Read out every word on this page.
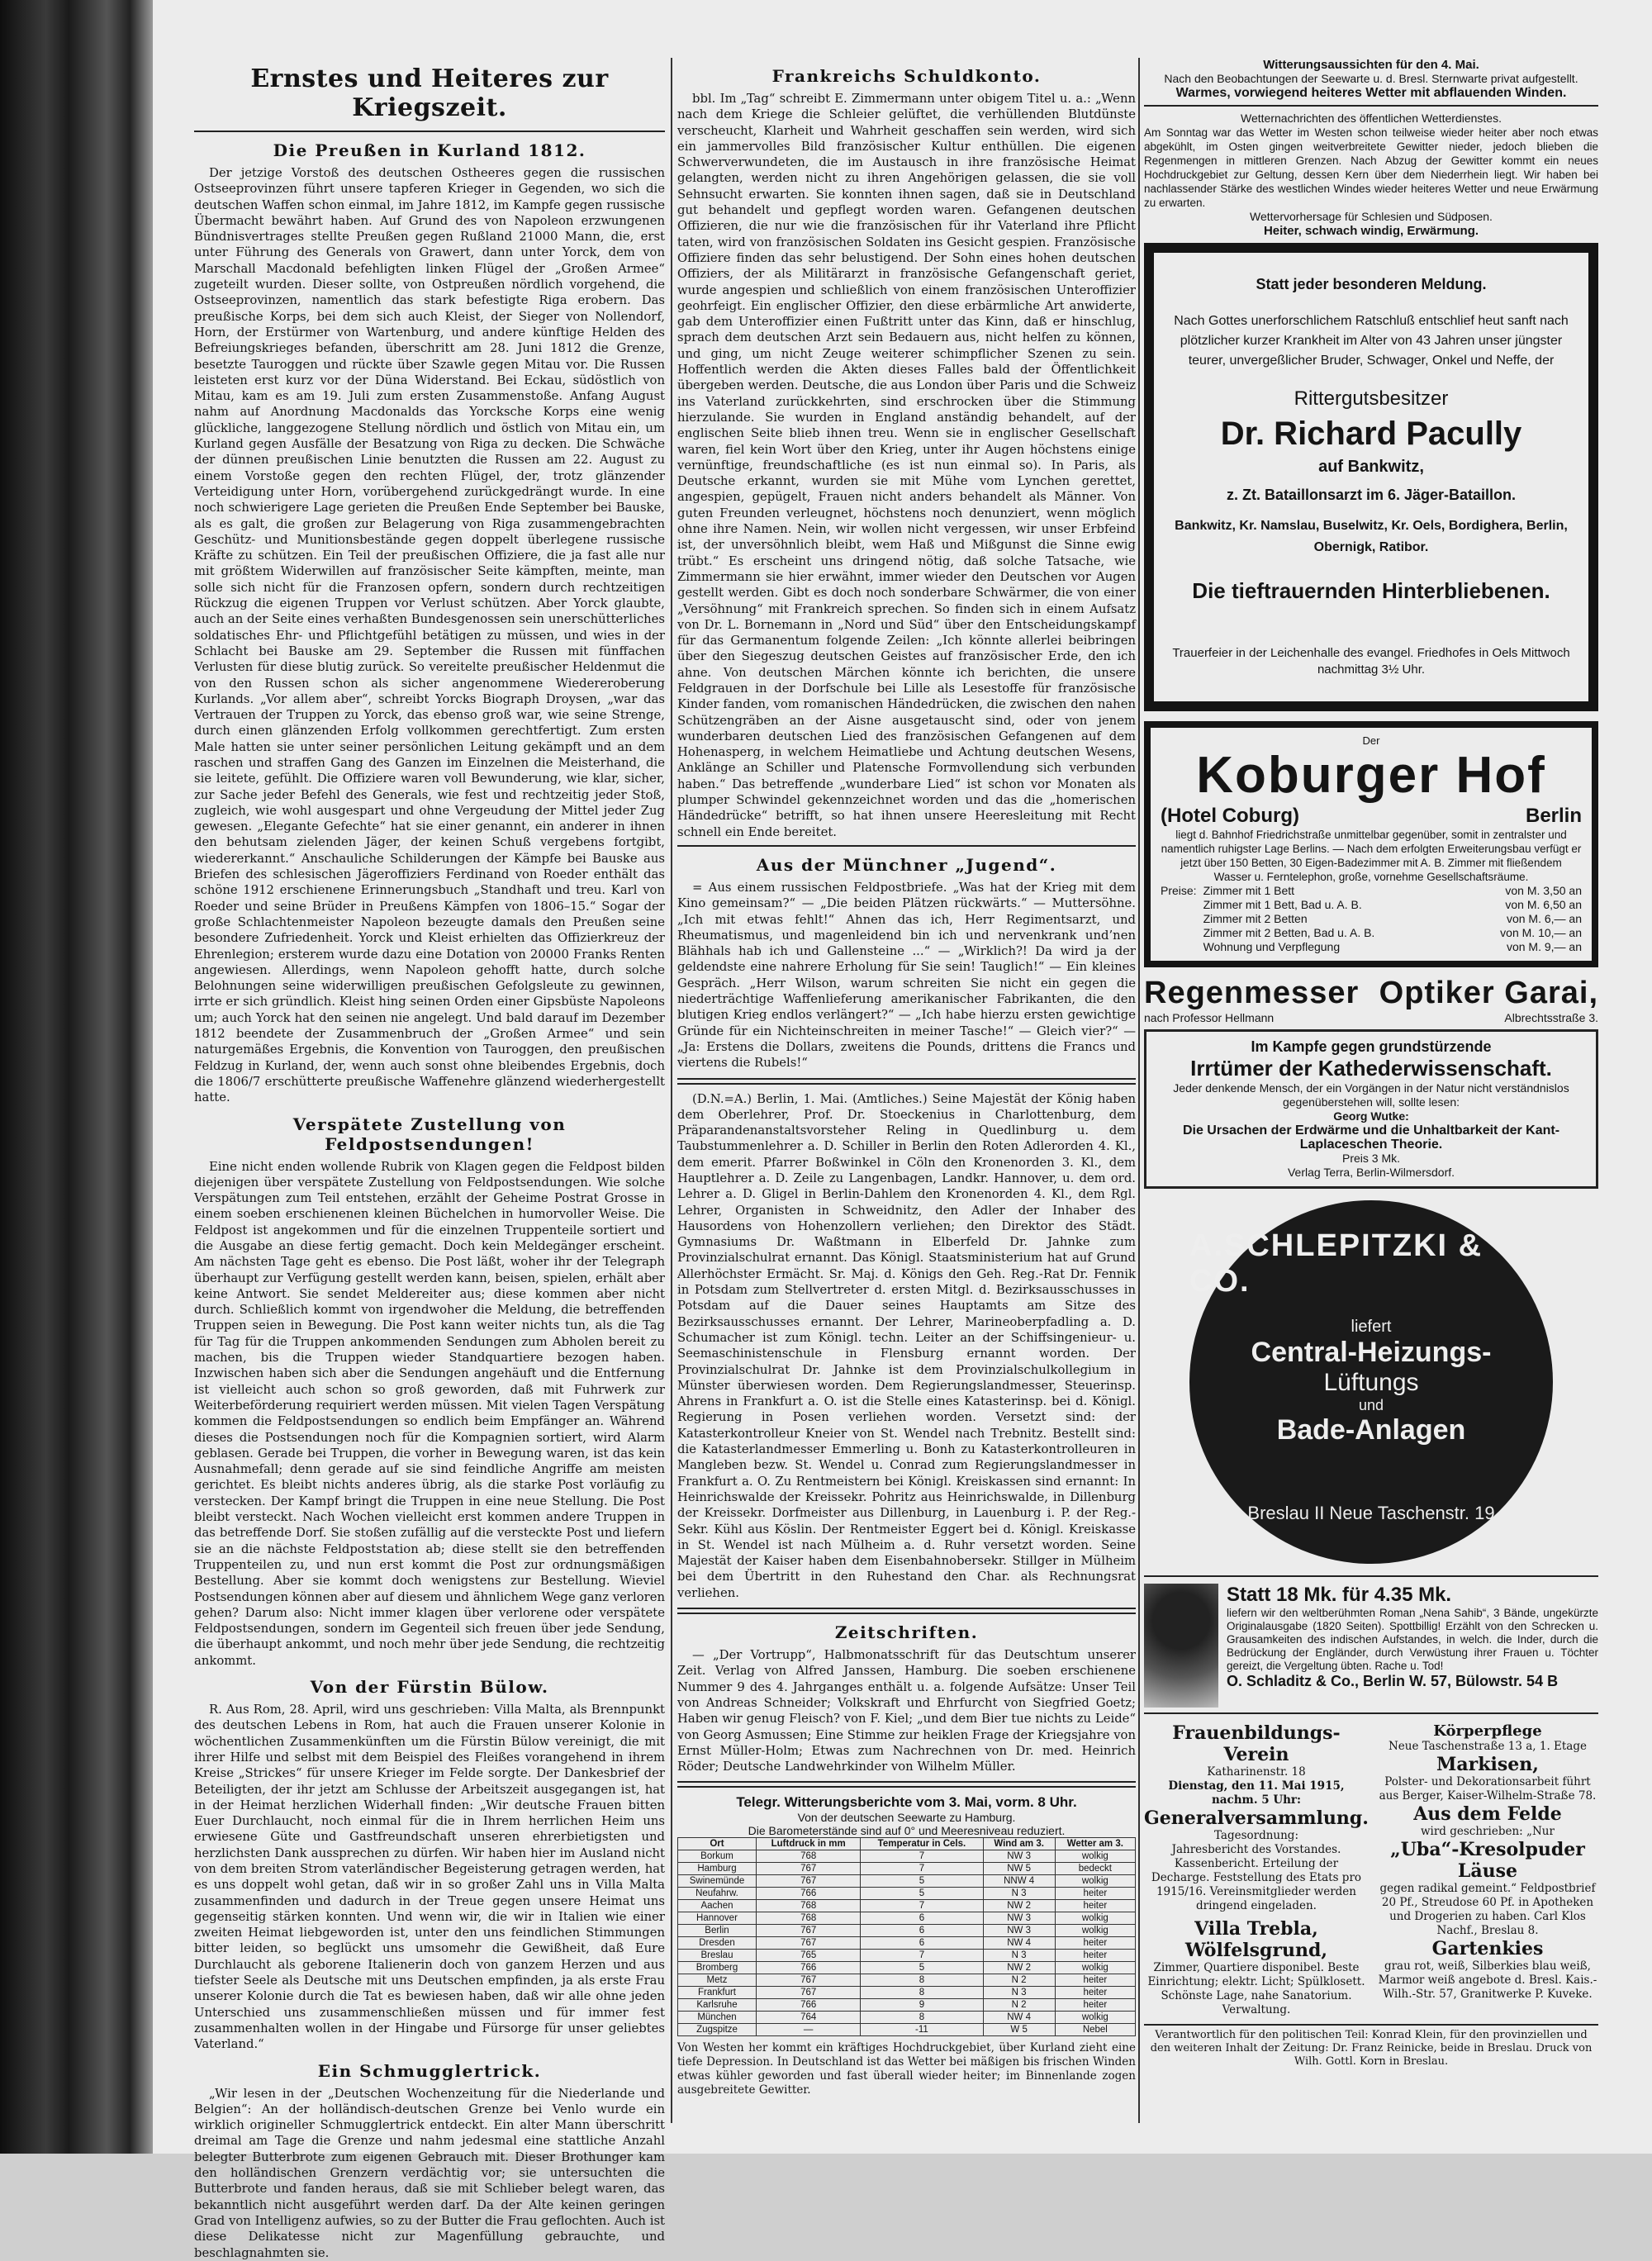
Ernstes und Heiteres zur Kriegszeit.
Die Preußen in Kurland 1812.

Der jetzige Vorstoß des deutschen Ostheeres gegen die russischen Ostseeprovinzen führt unsere tapferen Krieger in Gegenden, wo sich die deutschen Waffen schon einmal, im Jahre 1812, im Kampfe gegen russische Übermacht bewährt haben. Auf Grund des von Napoleon erzwungenen Bündnisvertrages stellte Preußen gegen Rußland 21000 Mann, die, erst unter Führung des Generals von Grawert, dann unter Yorck, dem von Marschall Macdonald befehligten linken Flügel der „Großen Armee“ zugeteilt wurden. Dieser sollte, von Ostpreußen nördlich vorgehend, die Ostseeprovinzen, namentlich das stark befestigte Riga erobern. Das preußische Korps, bei dem sich auch Kleist, der Sieger von Nollendorf, Horn, der Erstürmer von Wartenburg, und andere künftige Helden des Befreiungskrieges befanden, überschritt am 28. Juni 1812 die Grenze, besetzte Tauroggen und rückte über Szawle gegen Mitau vor. Die Russen leisteten erst kurz vor der Düna Widerstand. Bei Eckau, südöstlich von Mitau, kam es am 19. Juli zum ersten Zusammenstoße. Anfang August nahm auf Anordnung Macdonalds das Yorcksche Korps eine wenig glückliche, langgezogene Stellung nördlich und östlich von Mitau ein, um Kurland gegen Ausfälle der Besatzung von Riga zu decken. Die Schwäche der dünnen preußischen Linie benutzten die Russen am 22. August zu einem Vorstoße gegen den rechten Flügel, der, trotz glänzender Verteidigung unter Horn, vorübergehend zurückgedrängt wurde. In eine noch schwierigere Lage gerieten die Preußen Ende September bei Bauske, als es galt, die großen zur Belagerung von Riga zusammengebrachten Geschütz- und Munitionsbestände gegen doppelt überlegene russische Kräfte zu schützen. Ein Teil der preußischen Offiziere, die ja fast alle nur mit größtem Widerwillen auf französischer Seite kämpften, meinte, man solle sich nicht für die Franzosen opfern, sondern durch rechtzeitigen Rückzug die eigenen Truppen vor Verlust schützen. Aber Yorck glaubte, auch an der Seite eines verhaßten Bundesgenossen sein unerschütterliches soldatisches Ehr- und Pflichtgefühl betätigen zu müssen, und wies in der Schlacht bei Bauske am 29. September die Russen mit fünffachen Verlusten für diese blutig zurück. So vereitelte preußischer Heldenmut die von den Russen schon als sicher angenommene Wiedereroberung Kurlands. „Vor allem aber“, schreibt Yorcks Biograph Droysen, „war das Vertrauen der Truppen zu Yorck, das ebenso groß war, wie seine Strenge, durch einen glänzenden Erfolg vollkommen gerechtfertigt. Zum ersten Male hatten sie unter seiner persönlichen Leitung gekämpft und an dem raschen und straffen Gang des Ganzen im Einzelnen die Meisterhand, die sie leitete, gefühlt. Die Offiziere waren voll Bewunderung, wie klar, sicher, zur Sache jeder Befehl des Generals, wie fest und rechtzeitig jeder Stoß, zugleich, wie wohl ausgespart und ohne Vergeudung der Mittel jeder Zug gewesen. „Elegante Gefechte“ hat sie einer genannt, ein anderer in ihnen den behutsam zielenden Jäger, der keinen Schuß vergebens fortgibt, wiedererkannt.“ Anschauliche Schilderungen der Kämpfe bei Bauske aus Briefen des schlesischen Jägeroffiziers Ferdinand von Roeder enthält das schöne 1912 erschienene Erinnerungsbuch „Standhaft und treu. Karl von Roeder und seine Brüder in Preußens Kämpfen von 1806–15.“ Sogar der große Schlachtenmeister Napoleon bezeugte damals den Preußen seine besondere Zufriedenheit. Yorck und Kleist erhielten das Offizierkreuz der Ehrenlegion; ersterem wurde dazu eine Dotation von 20000 Franks Renten angewiesen. Allerdings, wenn Napoleon gehofft hatte, durch solche Belohnungen seine widerwilligen preußischen Gefolgsleute zu gewinnen, irrte er sich gründlich. Kleist hing seinen Orden einer Gipsbüste Napoleons um; auch Yorck hat den seinen nie angelegt. Und bald darauf im Dezember 1812 beendete der Zusammenbruch der „Großen Armee“ und sein naturgemäßes Ergebnis, die Konvention von Tauroggen, den preußischen Feldzug in Kurland, der, wenn auch sonst ohne bleibendes Ergebnis, doch die 1806/7 erschütterte preußische Waffenehre glänzend wiederhergestellt hatte.

Verspätete Zustellung von Feldpostsendungen!

Eine nicht enden wollende Rubrik von Klagen gegen die Feldpost bilden diejenigen über verspätete Zustellung von Feldpostsendungen. Wie solche Verspätungen zum Teil entstehen, erzählt der Geheime Postrat Grosse in einem soeben erschienenen kleinen Büchelchen in humorvoller Weise. Die Feldpost ist angekommen und für die einzelnen Truppenteile sortiert und die Ausgabe an diese fertig gemacht. Doch kein Meldegänger erscheint. Am nächsten Tage geht es ebenso. Die Post läßt, woher ihr der Telegraph überhaupt zur Verfügung gestellt werden kann, beisen, spielen, erhält aber keine Antwort. Sie sendet Meldereiter aus; diese kommen aber nicht durch. Schließlich kommt von irgendwoher die Meldung, die betreffenden Truppen seien in Bewegung. Die Post kann weiter nichts tun, als die Tag für Tag für die Truppen ankommenden Sendungen zum Abholen bereit zu machen, bis die Truppen wieder Standquartiere bezogen haben. Inzwischen haben sich aber die Sendungen angehäuft und die Entfernung ist vielleicht auch schon so groß geworden, daß mit Fuhrwerk zur Weiterbeförderung requiriert werden müssen. Mit vielen Tagen Verspätung kommen die Feldpostsendungen so endlich beim Empfänger an. Während dieses die Postsendungen noch für die Kompagnien sortiert, wird Alarm geblasen. Gerade bei Truppen, die vorher in Bewegung waren, ist das kein Ausnahmefall; denn gerade auf sie sind feindliche Angriffe am meisten gerichtet. Es bleibt nichts anderes übrig, als die starke Post vorläufig zu verstecken. Der Kampf bringt die Truppen in eine neue Stellung. Die Post bleibt versteckt. Nach Wochen vielleicht erst kommen andere Truppen in das betreffende Dorf. Sie stoßen zufällig auf die versteckte Post und liefern sie an die nächste Feldpoststation ab; diese stellt sie den betreffenden Truppenteilen zu, und nun erst kommt die Post zur ordnungsmäßigen Bestellung. Aber sie kommt doch wenigstens zur Bestellung. Wieviel Postsendungen können aber auf diesem und ähnlichem Wege ganz verloren gehen? Darum also: Nicht immer klagen über verlorene oder verspätete Feldpostsendungen, sondern im Gegenteil sich freuen über jede Sendung, die überhaupt ankommt, und noch mehr über jede Sendung, die rechtzeitig ankommt.

Von der Fürstin Bülow.

R. Aus Rom, 28. April, wird uns geschrieben: Villa Malta, als Brennpunkt des deutschen Lebens in Rom, hat auch die Frauen unserer Kolonie in wöchentlichen Zusammenkünften um die Fürstin Bülow vereinigt, die mit ihrer Hilfe und selbst mit dem Beispiel des Fleißes vorangehend in ihrem Kreise „Strickes“ für unsere Krieger im Felde sorgte. Der Dankesbrief der Beteiligten, der ihr jetzt am Schlusse der Arbeitszeit ausgegangen ist, hat in der Heimat herzlichen Widerhall finden: „Wir deutsche Frauen bitten Euer Durchlaucht, noch einmal für die in Ihrem herrlichen Heim uns erwiesene Güte und Gastfreundschaft unseren ehrerbietigsten und herzlichsten Dank aussprechen zu dürfen. Wir haben hier im Ausland nicht von dem breiten Strom vaterländischer Begeisterung getragen werden, hat es uns doppelt wohl getan, daß wir in so großer Zahl uns in Villa Malta zusammenfinden und dadurch in der Treue gegen unsere Heimat uns gegenseitig stärken konnten. Und wenn wir, die wir in Italien wie einer zweiten Heimat liebgeworden ist, unter den uns feindlichen Stimmungen bitter leiden, so beglückt uns umsomehr die Gewißheit, daß Eure Durchlaucht als geborene Italienerin doch von ganzem Herzen und aus tiefster Seele als Deutsche mit uns Deutschen empfinden, ja als erste Frau unserer Kolonie durch die Tat es bewiesen haben, daß wir alle ohne jeden Unterschied uns zusammenschließen müssen und für immer fest zusammenhalten wollen in der Hingabe und Fürsorge für unser geliebtes Vaterland.“

Ein Schmugglertrick.

„Wir lesen in der „Deutschen Wochenzeitung für die Niederlande und Belgien“: An der holländisch-deutschen Grenze bei Venlo wurde ein wirklich origineller Schmugglertrick entdeckt. Ein alter Mann überschritt dreimal am Tage die Grenze und nahm jedesmal eine stattliche Anzahl belegter Butterbrote zum eigenen Gebrauch mit. Dieser Brothunger kam den holländischen Grenzern verdächtig vor; sie untersuchten die Butterbrote und fanden heraus, daß sie mit Schlieber belegt waren, das bekanntlich nicht ausgeführt werden darf. Da der Alte keinen geringen Grad von Intelligenz aufwies, so zu der Butter die Frau geflochten. Auch ist diese Delikatesse nicht zur Magenfüllung gebrauchte, und beschlagnahmten sie.

Frankreichs Schuldkonto.

bbl. Im „Tag“ schreibt E. Zimmermann unter obigem Titel u. a.: „Wenn nach dem Kriege die Schleier gelüftet, die verhüllenden Blutdünste verscheucht, Klarheit und Wahrheit geschaffen sein werden, wird sich ein jammervolles Bild französischer Kultur enthüllen. Die eigenen Schwerverwundeten, die im Austausch in ihre französische Heimat gelangten, werden nicht zu ihren Angehörigen gelassen, die sie voll Sehnsucht erwarten. Sie konnten ihnen sagen, daß sie in Deutschland gut behandelt und gepflegt worden waren. Gefangenen deutschen Offizieren, die nur wie die französischen für ihr Vaterland ihre Pflicht taten, wird von französischen Soldaten ins Gesicht gespien. Französische Offiziere finden das sehr belustigend. Der Sohn eines hohen deutschen Offiziers, der als Militärarzt in französische Gefangenschaft geriet, wurde angespien und schließlich von einem französischen Unteroffizier geohrfeigt. Ein englischer Offizier, den diese erbärmliche Art anwiderte, gab dem Unteroffizier einen Fußtritt unter das Kinn, daß er hinschlug, sprach dem deutschen Arzt sein Bedauern aus, nicht helfen zu können, und ging, um nicht Zeuge weiterer schimpflicher Szenen zu sein. Hoffentlich werden die Akten dieses Falles bald der Öffentlichkeit übergeben werden. Deutsche, die aus London über Paris und die Schweiz ins Vaterland zurückkehrten, sind erschrocken über die Stimmung hierzulande. Sie wurden in England anständig behandelt, auf der englischen Seite blieb ihnen treu. Wenn sie in englischer Gesellschaft waren, fiel kein Wort über den Krieg, unter ihr Augen höchstens einige vernünftige, freundschaftliche (es ist nun einmal so). In Paris, als Deutsche erkannt, wurden sie mit Mühe vom Lynchen gerettet, angespien, gepügelt, Frauen nicht anders behandelt als Männer. Von guten Freunden verleugnet, höchstens noch denunziert, wenn möglich ohne ihre Namen. Nein, wir wollen nicht vergessen, wir unser Erbfeind ist, der unversöhnlich bleibt, wem Haß und Mißgunst die Sinne ewig trübt.“ Es erscheint uns dringend nötig, daß solche Tatsache, wie Zimmermann sie hier erwähnt, immer wieder den Deutschen vor Augen gestellt werden. Gibt es doch noch sonderbare Schwärmer, die von einer „Versöhnung“ mit Frankreich sprechen. So finden sich in einem Aufsatz von Dr. L. Bornemann in „Nord und Süd“ über den Entscheidungskampf für das Germanentum folgende Zeilen: „Ich könnte allerlei beibringen über den Siegeszug deutschen Geistes auf französischer Erde, den ich ahne. Von deutschen Märchen könnte ich berichten, die unsere Feldgrauen in der Dorfschule bei Lille als Lesestoffe für französische Kinder fanden, vom romanischen Händedrücken, die zwischen den nahen Schützengräben an der Aisne ausgetauscht sind, oder von jenem wunderbaren deutschen Lied des französischen Gefangenen auf dem Hohenasperg, in welchem Heimatliebe und Achtung deutschen Wesens, Anklänge an Schiller und Platensche Formvollendung sich verbunden haben.“ Das betreffende „wunderbare Lied“ ist schon vor Monaten als plumper Schwindel gekennzeichnet worden und das die „homerischen Händedrücke“ betrifft, so hat ihnen unsere Heeresleitung mit Recht schnell ein Ende bereitet.

Aus der Münchner „Jugend“.

= Aus einem russischen Feldpostbriefe. „Was hat der Krieg mit dem Kino gemeinsam?“ — „Die beiden Plätzen rückwärts.“ — Muttersöhne. „Ich mit etwas fehlt!“ Ahnen das ich, Herr Regimentsarzt, und Rheumatismus, und magenleidend bin ich und nervenkrank und’nen Blähhals hab ich und Gallensteine ...“ — „Wirklich?! Da wird ja der geldendste eine nahrere Erholung für Sie sein! Tauglich!“ — Ein kleines Gespräch. „Herr Wilson, warum schreiten Sie nicht ein gegen die niederträchtige Waffenlieferung amerikanischer Fabrikanten, die den blutigen Krieg endlos verlängert?“ — „Ich habe hierzu ersten gewichtige Gründe für ein Nichteinschreiten in meiner Tasche!“ — Gleich vier?“ — „Ja: Erstens die Dollars, zweitens die Pounds, drittens die Francs und viertens die Rubels!“

(D.N.=A.) Berlin, 1. Mai. (Amtliches.) Seine Majestät der König haben dem Oberlehrer, Prof. Dr. Stoeckenius in Charlottenburg, dem Präparandenanstaltsvorsteher Reling in Quedlinburg u. dem Taubstummenlehrer a. D. Schiller in Berlin den Roten Adlerorden 4. Kl., dem emerit. Pfarrer Boßwinkel in Cöln den Kronenorden 3. Kl., dem Hauptlehrer a. D. Zeile zu Langenbagen, Landkr. Hannover, u. dem ord. Lehrer a. D. Gligel in Berlin-Dahlem den Kronenorden 4. Kl., dem Rgl. Lehrer, Organisten in Schweidnitz, den Adler der Inhaber des Hausordens von Hohenzollern verliehen; den Direktor des Städt. Gymnasiums Dr. Waßtmann in Elberfeld Dr. Jahnke zum Provinzialschulrat ernannt. Das Königl. Staatsministerium hat auf Grund Allerhöchster Ermächt. Sr. Maj. d. Königs den Geh. Reg.-Rat Dr. Fennik in Potsdam zum Stellvertreter d. ersten Mitgl. d. Bezirksausschusses in Potsdam auf die Dauer seines Hauptamts am Sitze des Bezirksausschusses ernannt. Der Lehrer, Marineoberpfadling a. D. Schumacher ist zum Königl. techn. Leiter an der Schiffsingenieur- u. Seemaschinistenschule in Flensburg ernannt worden. Der Provinzialschulrat Dr. Jahnke ist dem Provinzialschulkollegium in Münster überwiesen worden. Dem Regierungslandmesser, Steuerinsp. Ahrens in Frankfurt a. O. ist die Stelle eines Katasterinsp. bei d. Königl. Regierung in Posen verliehen worden. Versetzt sind: der Katasterkontrolleur Kneier von St. Wendel nach Trebnitz. Bestellt sind: die Katasterlandmesser Emmerling u. Bonh zu Katasterkontrolleuren in Mangleben bezw. St. Wendel u. Conrad zum Regierungslandmesser in Frankfurt a. O. Zu Rentmeistern bei Königl. Kreiskassen sind ernannt: In Heinrichswalde der Kreissekr. Pohritz aus Heinrichswalde, in Dillenburg der Kreissekr. Dorfmeister aus Dillenburg, in Lauenburg i. P. der Reg.-Sekr. Kühl aus Köslin. Der Rentmeister Eggert bei d. Königl. Kreiskasse in St. Wendel ist nach Mülheim a. d. Ruhr versetzt worden. Seine Majestät der Kaiser haben dem Eisenbahnobersekr. Stillger in Mülheim bei dem Übertritt in den Ruhestand den Char. als Rechnungsrat verliehen.

Zeitschriften.

— „Der Vortrupp“, Halbmonatsschrift für das Deutschtum unserer Zeit. Verlag von Alfred Janssen, Hamburg. Die soeben erschienene Nummer 9 des 4. Jahrganges enthält u. a. folgende Aufsätze: Unser Teil von Andreas Schneider; Volkskraft und Ehrfurcht von Siegfried Goetz; Haben wir genug Fleisch? von F. Kiel; „und dem Bier tue nichts zu Leide“ von Georg Asmussen; Eine Stimme zur heiklen Frage der Kriegsjahre von Ernst Müller-Holm; Etwas zum Nachrechnen von Dr. med. Heinrich Röder; Deutsche Landwehrkinder von Wilhelm Müller.

Telegr. Witterungsberichte vom 3. Mai, vorm. 8 Uhr.
Von der deutschen Seewarte zu Hamburg.
Die Barometerstände sind auf 0° und Meeresniveau reduziert.
Ort	Luftdruck in mm	Temperatur in Cels.	Wind am 3.	Wetter am 3.
Borkum	768	7	NW 3	wolkig
Hamburg	767	7	NW 5	bedeckt
Swinemünde	767	5	NNW 4	wolkig
Neufahrw.	766	5	N 3	heiter
Aachen	768	7	NW 2	heiter
Hannover	768	6	NW 3	wolkig
Berlin	767	6	NW 3	wolkig
Dresden	767	6	NW 4	heiter
Breslau	765	7	N 3	heiter
Bromberg	766	5	NW 2	wolkig
Metz	767	8	N 2	heiter
Frankfurt	767	8	N 3	heiter
Karlsruhe	766	9	N 2	heiter
München	764	8	NW 4	wolkig
Zugspitze	—	-11	W 5	Nebel

Von Westen her kommt ein kräftiges Hochdruckgebiet, über Kurland zieht eine tiefe Depression. In Deutschland ist das Wetter bei mäßigen bis frischen Winden etwas kühler geworden und fast überall wieder heiter; im Binnenlande zogen ausgebreitete Gewitter.

Witterungsaussichten für den 4. Mai.
Nach den Beobachtungen der Seewarte u. d. Bresl. Sternwarte privat aufgestellt.
Warmes, vorwiegend heiteres Wetter mit abflauenden Winden.
Wetternachrichten des öffentlichen Wetterdienstes.
Am Sonntag war das Wetter im Westen schon teilweise wieder heiter aber noch etwas abgekühlt, im Osten gingen weitverbreitete Gewitter nieder, jedoch blieben die Regenmengen in mittleren Grenzen. Nach Abzug der Gewitter kommt ein neues Hochdruckgebiet zur Geltung, dessen Kern über dem Niederrhein liegt. Wir haben bei nachlassender Stärke des westlichen Windes wieder heiteres Wetter und neue Erwärmung zu erwarten.
Wettervorhersage für Schlesien und Südposen.
Heiter, schwach windig, Erwärmung.
Statt jeder besonderen Meldung.
Nach Gottes unerforschlichem Ratschluß entschlief heut sanft nach plötzlicher kurzer Krankheit im Alter von 43 Jahren unser jüngster teurer, unvergeßlicher Bruder, Schwager, Onkel und Neffe, der
Rittergutsbesitzer
Dr. Richard Pacully
auf Bankwitz,
z. Zt. Bataillonsarzt im 6. Jäger-Bataillon.
Bankwitz, Kr. Namslau, Buselwitz, Kr. Oels, Bordighera, Berlin, Obernigk, Ratibor.
Die tieftrauernden Hinterbliebenen.
Trauerfeier in der Leichenhalle des evangel. Friedhofes in Oels Mittwoch nachmittag 3½ Uhr.
Der
Koburger Hof
(Hotel Coburg)	Berlin
liegt d. Bahnhof Friedrichstraße unmittelbar gegenüber, somit in zentralster und namentlich ruhigster Lage Berlins. — Nach dem erfolgten Erweiterungsbau verfügt er jetzt über 150 Betten, 30 Eigen-Badezimmer mit A. B. Zimmer mit fließendem Wasser u. Ferntelephon, große, vornehme Gesellschaftsräume.
Preise: Zimmer mit 1 Bett	von M. 3,50 an
Zimmer mit 1 Bett, Bad u. A. B.	von M. 6,50 an
Zimmer mit 2 Betten	von M. 6,— an
Zimmer mit 2 Betten, Bad u. A. B.	von M. 10,— an
Wohnung und Verpflegung	von M. 9,— an
Regenmesser Optiker Garai,
nach Professor Hellmann	Albrechtsstraße 3.
Im Kampfe gegen grundstürzende
Irrtümer der Kathederwissenschaft.
Jeder denkende Mensch, der ein Vorgängen in der Natur nicht verständnislos gegenüberstehen will, sollte lesen:
Georg Wutke:
Die Ursachen der Erdwärme und die Unhaltbarkeit der Kant-Laplaceschen Theorie.
Preis 3 Mk.
Verlag Terra, Berlin-Wilmersdorf.
A.SCHLEPITZKI & CO.
liefert
Central-Heizungs-
Lüftungs
und
Bade-Anlagen
Breslau II Neue Taschenstr. 19
Statt 18 Mk. für 4.35 Mk.
liefern wir den weltberühmten Roman „Nena Sahib“, 3 Bände, ungekürzte Originalausgabe (1820 Seiten). Spottbillig! Erzählt von den Schrecken u. Grausamkeiten des indischen Aufstandes, in welch. die Inder, durch die Bedrückung der Engländer, durch Verwüstung ihrer Frauen u. Töchter gereizt, die Vergeltung übten. Rache u. Tod!
O. Schladitz & Co., Berlin W. 57, Bülowstr. 54 B
Frauenbildungs-Verein
Katharinenstr. 18
Dienstag, den 11. Mai 1915, nachm. 5 Uhr:
Generalversammlung.
Tagesordnung:
Jahresbericht des Vorstandes. Kassenbericht. Erteilung der Decharge. Feststellung des Etats pro 1915/16. Vereinsmitglieder werden dringend eingeladen.
Villa Trebla,
Wölfelsgrund,
Zimmer, Quartiere disponibel. Beste Einrichtung; elektr. Licht; Spülklosett. Schönste Lage, nahe Sanatorium. Verwaltung.
Körperpflege
Neue Taschenstraße 13 a, 1. Etage
Markisen,
Polster- und Dekorationsarbeit führt aus Berger, Kaiser-Wilhelm-Straße 78.
Aus dem Felde
wird geschrieben: „Nur
„Uba“-Kresolpuder
Läuse
gegen radikal gemeint.“ Feldpostbrief 20 Pf., Streudose 60 Pf. in Apotheken und Drogerien zu haben. Carl Klos Nachf., Breslau 8.
Gartenkies
grau rot, weiß, Silberkies blau weiß, Marmor weiß angebote d. Bresl. Kais.-Wilh.-Str. 57, Granitwerke P. Kuveke.
Verantwortlich für den politischen Teil: Konrad Klein, für den provinziellen und den weiteren Inhalt der Zeitung: Dr. Franz Reinicke, beide in Breslau. Druck von Wilh. Gottl. Korn in Breslau.
